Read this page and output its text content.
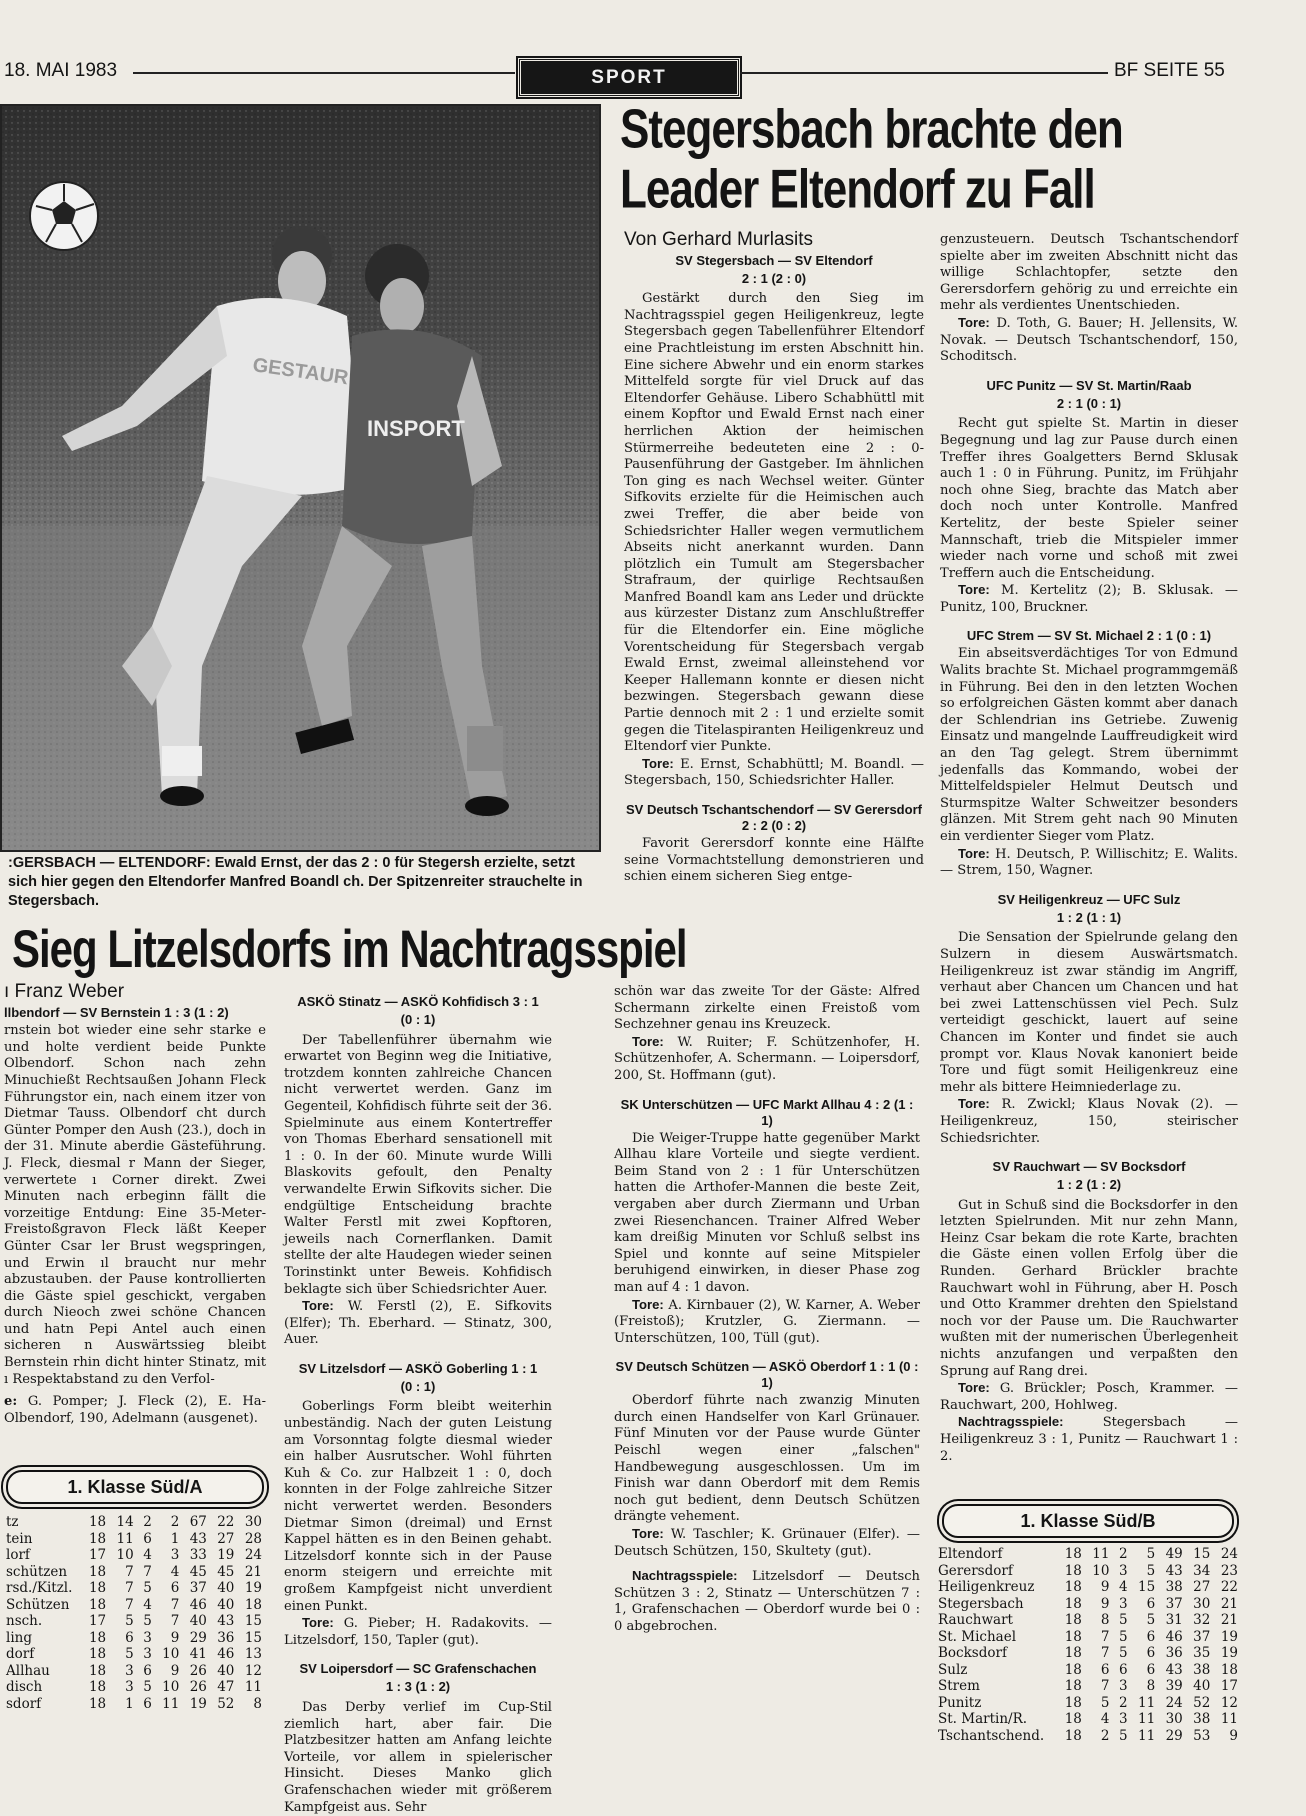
18. MAI 1983	SPORT	BF SEITE 55
GESTAUR
INSPORT
:GERSBACH — ELTENDORF: Ewald Ernst, der das 2 : 0 für Stegersh erzielte, setzt sich hier gegen den Eltendorfer Manfred Boandl ch. Der Spitzenreiter strauchelte in Stegersbach.
Stegersbach brachte den
Leader Eltendorf zu Fall
Von Gerhard Murlasits
SV Stegersbach — SV Eltendorf
2 : 1 (2 : 0)

Gestärkt durch den Sieg im Nachtragsspiel gegen Heiligenkreuz, legte Stegersbach gegen Tabellenführer Eltendorf eine Prachtleistung im ersten Abschnitt hin. Eine sichere Abwehr und ein enorm starkes Mittelfeld sorgte für viel Druck auf das Eltendorfer Gehäuse. Libero Schabhüttl mit einem Kopftor und Ewald Ernst nach einer herrlichen Aktion der heimischen Stürmerreihe bedeuteten eine 2 : 0-Pausenführung der Gastgeber. Im ähnlichen Ton ging es nach Wechsel weiter. Günter Sifkovits erzielte für die Heimischen auch zwei Treffer, die aber beide von Schiedsrichter Haller wegen vermutlichem Abseits nicht anerkannt wurden. Dann plötzlich ein Tumult am Stegersbacher Strafraum, der quirlige Rechtsaußen Manfred Boandl kam ans Leder und drückte aus kürzester Distanz zum Anschlußtreffer für die Eltendorfer ein. Eine mögliche Vorentscheidung für Stegersbach vergab Ewald Ernst, zweimal alleinstehend vor Keeper Hallemann konnte er diesen nicht bezwingen. Stegersbach gewann diese Partie dennoch mit 2 : 1 und erzielte somit gegen die Titelaspiranten Heiligenkreuz und Eltendorf vier Punkte.

Tore: E. Ernst, Schabhüttl; M. Boandl. — Stegersbach, 150, Schiedsrichter Haller.

SV Deutsch Tschantschendorf — SV Gerersdorf 2 : 2 (0 : 2)

Favorit Gerersdorf konnte eine Hälfte seine Vormachtstellung demonstrieren und schien einem sicheren Sieg entge-

genzusteuern. Deutsch Tschantschendorf spielte aber im zweiten Abschnitt nicht das willige Schlachtopfer, setzte den Gerersdorfern gehörig zu und erreichte ein mehr als verdientes Unentschieden.

Tore: D. Toth, G. Bauer; H. Jellensits, W. Novak. — Deutsch Tschantschendorf, 150, Schoditsch.

UFC Punitz — SV St. Martin/Raab
2 : 1 (0 : 1)

Recht gut spielte St. Martin in dieser Begegnung und lag zur Pause durch einen Treffer ihres Goalgetters Bernd Sklusak auch 1 : 0 in Führung. Punitz, im Frühjahr noch ohne Sieg, brachte das Match aber doch noch unter Kontrolle. Manfred Kertelitz, der beste Spieler seiner Mannschaft, trieb die Mitspieler immer wieder nach vorne und schoß mit zwei Treffern auch die Entscheidung.

Tore: M. Kertelitz (2); B. Sklusak. — Punitz, 100, Bruckner.

UFC Strem — SV St. Michael 2 : 1 (0 : 1)

Ein abseitsverdächtiges Tor von Edmund Walits brachte St. Michael programmgemäß in Führung. Bei den in den letzten Wochen so erfolgreichen Gästen kommt aber danach der Schlendrian ins Getriebe. Zuwenig Einsatz und mangelnde Lauffreudigkeit wird an den Tag gelegt. Strem übernimmt jedenfalls das Kommando, wobei der Mittelfeldspieler Helmut Deutsch und Sturmspitze Walter Schweitzer besonders glänzen. Mit Strem geht nach 90 Minuten ein verdienter Sieger vom Platz.

Tore: H. Deutsch, P. Willischitz; E. Walits. — Strem, 150, Wagner.

SV Heiligenkreuz — UFC Sulz
1 : 2 (1 : 1)

Die Sensation der Spielrunde gelang den Sulzern in diesem Auswärtsmatch. Heiligenkreuz ist zwar ständig im Angriff, verhaut aber Chancen um Chancen und hat bei zwei Lattenschüssen viel Pech. Sulz verteidigt geschickt, lauert auf seine Chancen im Konter und findet sie auch prompt vor. Klaus Novak kanoniert beide Tore und fügt somit Heiligenkreuz eine mehr als bittere Heimniederlage zu.

Tore: R. Zwickl; Klaus Novak (2). — Heiligenkreuz, 150, steirischer Schiedsrichter.

SV Rauchwart — SV Bocksdorf
1 : 2 (1 : 2)

Gut in Schuß sind die Bocksdorfer in den letzten Spielrunden. Mit nur zehn Mann, Heinz Csar bekam die rote Karte, brachten die Gäste einen vollen Erfolg über die Runden. Gerhard Brückler brachte Rauchwart wohl in Führung, aber H. Posch und Otto Krammer drehten den Spielstand noch vor der Pause um. Die Rauchwarter wußten mit der numerischen Überlegenheit nichts anzufangen und verpaßten den Sprung auf Rang drei.

Tore: G. Brückler; Posch, Krammer. — Rauchwart, 200, Hohlweg.

Nachtragsspiele:	Stegersbach — Heiligenkreuz 3 : 1, Punitz — Rauchwart 1 : 2.

Sieg Litzelsdorfs im Nachtragsspiel
ı Franz Weber
llbendorf — SV Bernstein 1 : 3 (1 : 2)

rnstein bot wieder eine sehr starke e und holte verdient beide Punkte Olbendorf. Schon nach zehn Minuchießt Rechtsaußen Johann Fleck Führungstor ein, nach einem itzer von Dietmar Tauss. Olbendorf cht durch Günter Pomper den Aush (23.), doch in der 31. Minute aberdie Gästeführung. J. Fleck, diesmal r Mann der Sieger, verwertete ı Corner direkt. Zwei Minuten nach erbeginn fällt die vorzeitige Entdung: Eine 35-Meter-Freistoßgravon Fleck läßt Keeper Günter Csar ler Brust wegspringen, und Erwin ıl braucht nur mehr abzustauben. der Pause kontrollierten die Gäste spiel geschickt, vergaben durch Nieoch zwei schöne Chancen und hatn Pepi Antel auch einen sicheren n Auswärtssieg bleibt Bernstein rhin dicht hinter Stinatz, mit ı Respektabstand zu den Verfol-

e: G. Pomper; J. Fleck (2), E. Ha- Olbendorf, 190, Adelmann (ausgenet).

1. Klasse Süd/A
tz	18	14	2	2	67	22	30
tein	18	11	6	1	43	27	28
lorf	17	10	4	3	33	19	24
schützen	18	7	7	4	45	45	21
rsd./Kitzl.	18	7	5	6	37	40	19
Schützen	18	7	4	7	46	40	18
nsch.	17	5	5	7	40	43	15
ling	18	6	3	9	29	36	15
dorf	18	5	3	10	41	46	13
Allhau	18	3	6	9	26	40	12
disch	18	3	5	10	26	47	11
sdorf	18	1	6	11	19	52	8
ASKÖ Stinatz — ASKÖ Kohfidisch 3 : 1
(0 : 1)

Der Tabellenführer übernahm wie erwartet von Beginn weg die Initiative, trotzdem konnten zahlreiche Chancen nicht verwertet werden. Ganz im Gegenteil, Kohfidisch führte seit der 36. Spielminute aus einem Kontertreffer von Thomas Eberhard sensationell mit 1 : 0. In der 60. Minute wurde Willi Blaskovits gefoult, den Penalty verwandelte Erwin Sifkovits sicher. Die endgültige Entscheidung brachte Walter Ferstl mit zwei Kopftoren, jeweils nach Cornerflanken. Damit stellte der alte Haudegen wieder seinen Torinstinkt unter Beweis. Kohfidisch beklagte sich über Schiedsrichter Auer.

Tore: W. Ferstl (2), E. Sifkovits (Elfer); Th. Eberhard. — Stinatz, 300, Auer.

SV Litzelsdorf — ASKÖ Goberling 1 : 1
(0 : 1)

Goberlings Form bleibt weiterhin unbeständig. Nach der guten Leistung am Vorsonntag folgte diesmal wieder ein halber Ausrutscher. Wohl führten Kuh & Co. zur Halbzeit 1 : 0, doch konnten in der Folge zahlreiche Sitzer nicht verwertet werden. Besonders Dietmar Simon (dreimal) und Ernst Kappel hätten es in den Beinen gehabt. Litzelsdorf konnte sich in der Pause enorm steigern und erreichte mit großem Kampfgeist nicht unverdient einen Punkt.

Tore: G. Pieber; H. Radakovits. — Litzelsdorf, 150, Tapler (gut).

SV Loipersdorf — SC Grafenschachen
1 : 3 (1 : 2)

Das Derby verlief im Cup-Stil ziemlich hart, aber fair. Die Platzbesitzer hatten am Anfang leichte Vorteile, vor allem in spielerischer Hinsicht. Dieses Manko glich Grafenschachen wieder mit größerem Kampfgeist aus. Sehr

schön war das zweite Tor der Gäste: Alfred Schermann zirkelte einen Freistoß vom Sechzehner genau ins Kreuzeck.

Tore: W. Ruiter; F. Schützenhofer, H. Schützenhofer, A. Schermann. — Loipersdorf, 200, St. Hoffmann (gut).

SK Unterschützen — UFC Markt Allhau 4 : 2 (1 : 1)

Die Weiger-Truppe hatte gegenüber Markt Allhau klare Vorteile und siegte verdient. Beim Stand von 2 : 1 für Unterschützen hatten die Arthofer-Mannen die beste Zeit, vergaben aber durch Ziermann und Urban zwei Riesenchancen. Trainer Alfred Weber kam dreißig Minuten vor Schluß selbst ins Spiel und konnte auf seine Mitspieler beruhigend einwirken, in dieser Phase zog man auf 4 : 1 davon.

Tore: A. Kirnbauer (2), W. Karner, A. Weber (Freistoß); Krutzler, G. Ziermann. — Unterschützen, 100, Tüll (gut).

SV Deutsch Schützen — ASKÖ Oberdorf 1 : 1 (0 : 1)

Oberdorf führte nach zwanzig Minuten durch einen Handselfer von Karl Grünauer. Fünf Minuten vor der Pause wurde Günter Peischl wegen einer „falschen" Handbewegung ausgeschlossen. Um im Finish war dann Oberdorf mit dem Remis noch gut bedient, denn Deutsch Schützen drängte vehement.

Tore: W. Taschler; K. Grünauer (Elfer). — Deutsch Schützen, 150, Skultety (gut).

Nachtragsspiele: Litzelsdorf — Deutsch Schützen 3 : 2, Stinatz — Unterschützen 7 : 1, Grafenschachen — Oberdorf wurde bei 0 : 0 abgebrochen.

1. Klasse Süd/B
Eltendorf	18	11	2	5	49	15	24
Gerersdorf	18	10	3	5	43	34	23
Heiligenkreuz	18	9	4	15	38	27	22
Stegersbach	18	9	3	6	37	30	21
Rauchwart	18	8	5	5	31	32	21
St. Michael	18	7	5	6	46	37	19
Bocksdorf	18	7	5	6	36	35	19
Sulz	18	6	6	6	43	38	18
Strem	18	7	3	8	39	40	17
Punitz	18	5	2	11	24	52	12
St. Martin/R.	18	4	3	11	30	38	11
Tschantschend.	18	2	5	11	29	53	9
